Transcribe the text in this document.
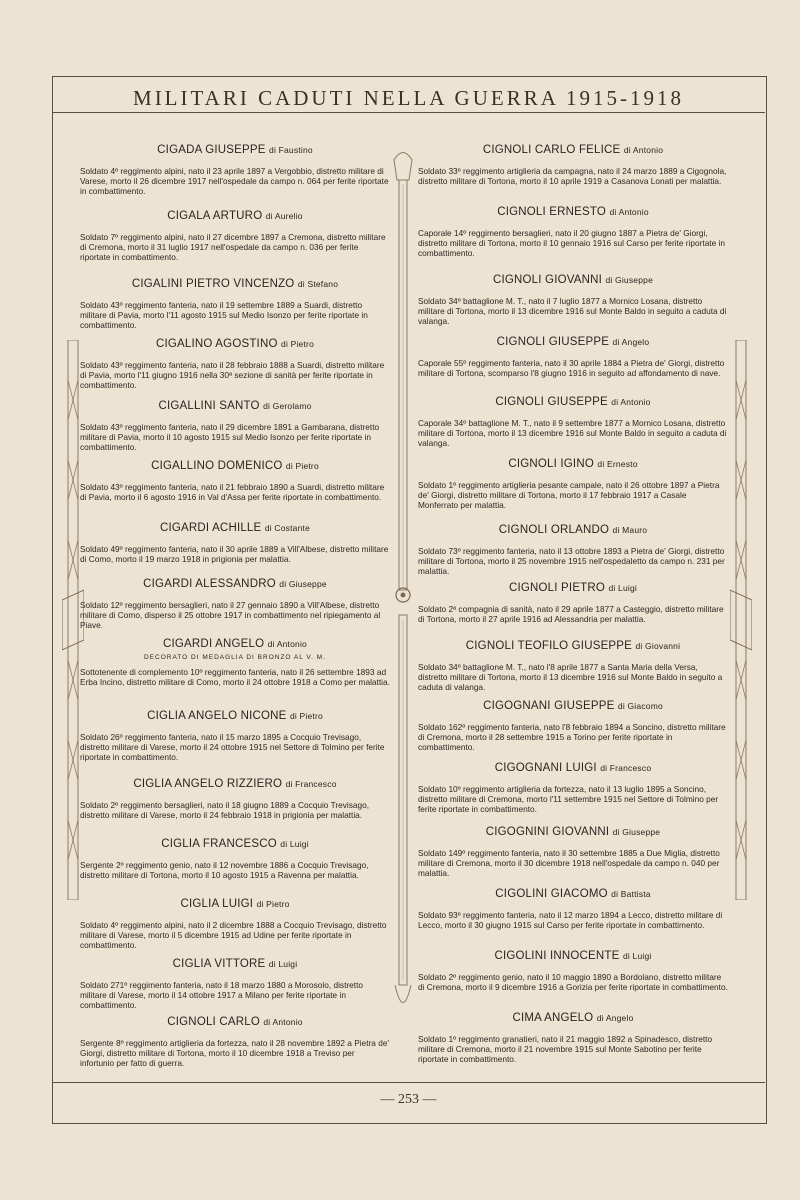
MILITARI CADUTI NELLA GUERRA 1915-1918
CIGADA GIUSEPPE di Faustino

Soldato 4º reggimento alpini, nato il 23 aprile 1897 a Vergobbio, distretto militare di Varese, morto il 26 dicembre 1917 nell'ospedale da campo n. 064 per ferite riportate in combattimento.

CIGALA ARTURO di Aurelio

Soldato 7º reggimento alpini, nato il 27 dicembre 1897 a Cremona, distretto militare di Cremona, morto il 31 luglio 1917 nell'ospedale da campo n. 036 per ferite riportate in combattimento.

CIGALINI PIETRO VINCENZO di Stefano

Soldato 43º reggimento fanteria, nato il 19 settembre 1889 a Suardi, distretto militare di Pavia, morto l'11 agosto 1915 sul Medio Isonzo per ferite riportate in combattimento.

CIGALINO AGOSTINO di Pietro

Soldato 43º reggimento fanteria, nato il 28 febbraio 1888 a Suardi, distretto militare di Pavia, morto l'11 giugno 1916 nella 30ª sezione di sanità per ferite riportate in combattimento.

CIGALLINI SANTO di Gerolamo

Soldato 43º reggimento fanteria, nato il 29 dicembre 1891 a Gambarana, distretto militare di Pavia, morto il 10 agosto 1915 sul Medio Isonzo per ferite riportate in combattimento.

CIGALLINO DOMENICO di Pietro

Soldato 43º reggimento fanteria, nato il 21 febbraio 1890 a Suardi, distretto militare di Pavia, morto il 6 agosto 1916 in Val d'Assa per ferite riportate in combattimento.

CIGARDI ACHILLE di Costante

Soldato 49º reggimento fanteria, nato il 30 aprile 1889 a Vill'Albese, distretto militare di Como, morto il 19 marzo 1918 in prigionia per malattia.

CIGARDI ALESSANDRO di Giuseppe

Soldato 12º reggimento bersaglieri, nato il 27 gennaio 1890 a Vill'Albese, distretto militare di Como, disperso il 25 ottobre 1917 in combattimento nel ripiegamento al Piave.

CIGARDI ANGELO di Antonio
DECORATO DI MEDAGLIA DI BRONZO AL V. M.

Sottotenente di complemento 10º reggimento fanteria, nato il 26 settembre 1893 ad Erba Incino, distretto militare di Como, morto il 24 ottobre 1918 a Como per malattia.

CIGLIA ANGELO NICONE di Pietro

Soldato 26º reggimento fanteria, nato il 15 marzo 1895 a Cocquio Trevisago, distretto militare di Varese, morto il 24 ottobre 1915 nel Settore di Tolmino per ferite riportate in combattimento.

CIGLIA ANGELO RIZZIERO di Francesco

Soldato 2º reggimento bersaglieri, nato il 18 giugno 1889 a Cocquio Trevisago, distretto militare di Varese, morto il 24 febbraio 1918 in prigionia per malattia.

CIGLIA FRANCESCO di Luigi

Sergente 2º reggimento genio, nato il 12 novembre 1886 a Cocquio Trevisago, distretto militare di Tortona, morto il 10 agosto 1915 a Ravenna per malattia.

CIGLIA LUIGI di Pietro

Soldato 4º reggimento alpini, nato il 2 dicembre 1888 a Cocquio Trevisago, distretto militare di Varese, morto il 5 dicembre 1915 ad Udine per ferite riportate in combattimento.

CIGLIA VITTORE di Luigi

Soldato 271º reggimento fanteria, nato il 18 marzo 1880 a Morosolo, distretto militare di Varese, morto il 14 ottobre 1917 a Milano per ferite riportate in combattimento.

CIGNOLI CARLO di Antonio

Sergente 8º reggimento artiglieria da fortezza, nato il 28 novembre 1892 a Pietra de' Giorgi, distretto militare di Tortona, morto il 10 dicembre 1918 a Treviso per infortunio per fatto di guerra.

CIGNOLI CARLO FELICE di Antonio

Soldato 33º reggimento artiglieria da campagna, nato il 24 marzo 1889 a Cigognola, distretto militare di Tortona, morto il 10 aprile 1919 a Casanova Lonati per malattia.

CIGNOLI ERNESTO di Antonio

Caporale 14º reggimento bersaglieri, nato il 20 giugno 1887 a Pietra de' Giorgi, distretto militare di Tortona, morto il 10 gennaio 1916 sul Carso per ferite riportate in combattimento.

CIGNOLI GIOVANNI di Giuseppe

Soldato 34º battaglione M. T., nato il 7 luglio 1877 a Mornico Losana, distretto militare di Tortona, morto il 13 dicembre 1916 sul Monte Baldo in seguito a caduta di valanga.

CIGNOLI GIUSEPPE di Angelo

Caporale 55º reggimento fanteria, nato il 30 aprile 1884 a Pietra de' Giorgi, distretto militare di Tortona, scomparso l'8 giugno 1916 in seguito ad affondamento di nave.

CIGNOLI GIUSEPPE di Antonio

Caporale 34º battaglione M. T., nato il 9 settembre 1877 a Mornico Losana, distretto militare di Tortona, morto il 13 dicembre 1916 sul Monte Baldo in seguito a caduta di valanga.

CIGNOLI IGINO di Ernesto

Soldato 1º reggimento artiglieria pesante campale, nato il 26 ottobre 1897 a Pietra de' Giorgi, distretto militare di Tortona, morto il 17 febbraio 1917 a Casale Monferrato per malattia.

CIGNOLI ORLANDO di Mauro

Soldato 73º reggimento fanteria, nato il 13 ottobre 1893 a Pietra de' Giorgi, distretto militare di Tortona, morto il 25 novembre 1915 nell'ospedaletto da campo n. 231 per malattia.

CIGNOLI PIETRO di Luigi

Soldato 2ª compagnia di sanità, nato il 29 aprile 1877 a Casteggio, distretto militare di Tortona, morto il 27 aprile 1916 ad Alessandria per malattia.

CIGNOLI TEOFILO GIUSEPPE di Giovanni

Soldato 34º battaglione M. T., nato l'8 aprile 1877 a Santa Maria della Versa, distretto militare di Tortona, morto il 13 dicembre 1916 sul Monte Baldo in seguito a caduta di valanga.

CIGOGNANI GIUSEPPE di Giacomo

Soldato 162º reggimento fanteria, nato l'8 febbraio 1894 a Soncino, distretto militare di Cremona, morto il 28 settembre 1915 a Torino per ferite riportate in combattimento.

CIGOGNANI LUIGI di Francesco

Soldato 10º reggimento artiglieria da fortezza, nato il 13 luglio 1895 a Soncino, distretto militare di Cremona, morto l'11 settembre 1915 nel Settore di Tolmino per ferite riportate in combattimento.

CIGOGNINI GIOVANNI di Giuseppe

Soldato 149º reggimento fanteria, nato il 30 settembre 1885 a Due Miglia, distretto militare di Cremona, morto il 30 dicembre 1918 nell'ospedale da campo n. 040 per malattia.

CIGOLINI GIACOMO di Battista

Soldato 93º reggimento fanteria, nato il 12 marzo 1894 a Lecco, distretto militare di Lecco, morto il 30 giugno 1915 sul Carso per ferite riportate in combattimento.

CIGOLINI INNOCENTE di Luigi

Soldato 2º reggimento genio, nato il 10 maggio 1890 a Bordolano, distretto militare di Cremona, morto il 9 dicembre 1916 a Gorizia per ferite riportate in combattimento.

CIMA ANGELO di Angelo

Soldato 1º reggimento granatieri, nato il 21 maggio 1892 a Spinadesco, distretto militare di Cremona, morto il 21 novembre 1915 sul Monte Sabotino per ferite riportate in combattimento.

— 253 —
